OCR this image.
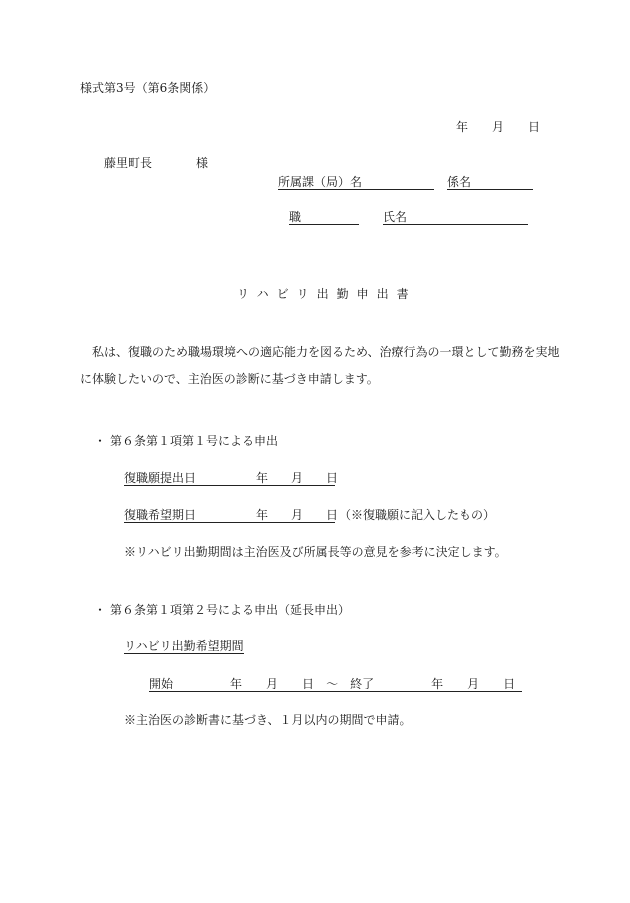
様式第3号（第6条関係）
年 月 日
藤里町長	様
所属課（局）名	係名
職	氏名
リハビリ出勤申出書
私は、復職のため職場環境への適応能力を図るため、治療行為の一環として勤務を実地
に体験したいので、主治医の診断に基づき申請します。
・ 第６条第１項第１号による申出
復職願提出日	年 月 日
復職希望期日	年 月 日 （※復職願に記入したもの）
※リハビリ出勤期間は主治医及び所属長等の意見を参考に決定します。
・ 第６条第１項第２号による申出（延長申出）
リハビリ出勤希望期間
開始	年 月 日 ～ 終了	年 月 日
※主治医の診断書に基づき、１月以内の期間で申請。
